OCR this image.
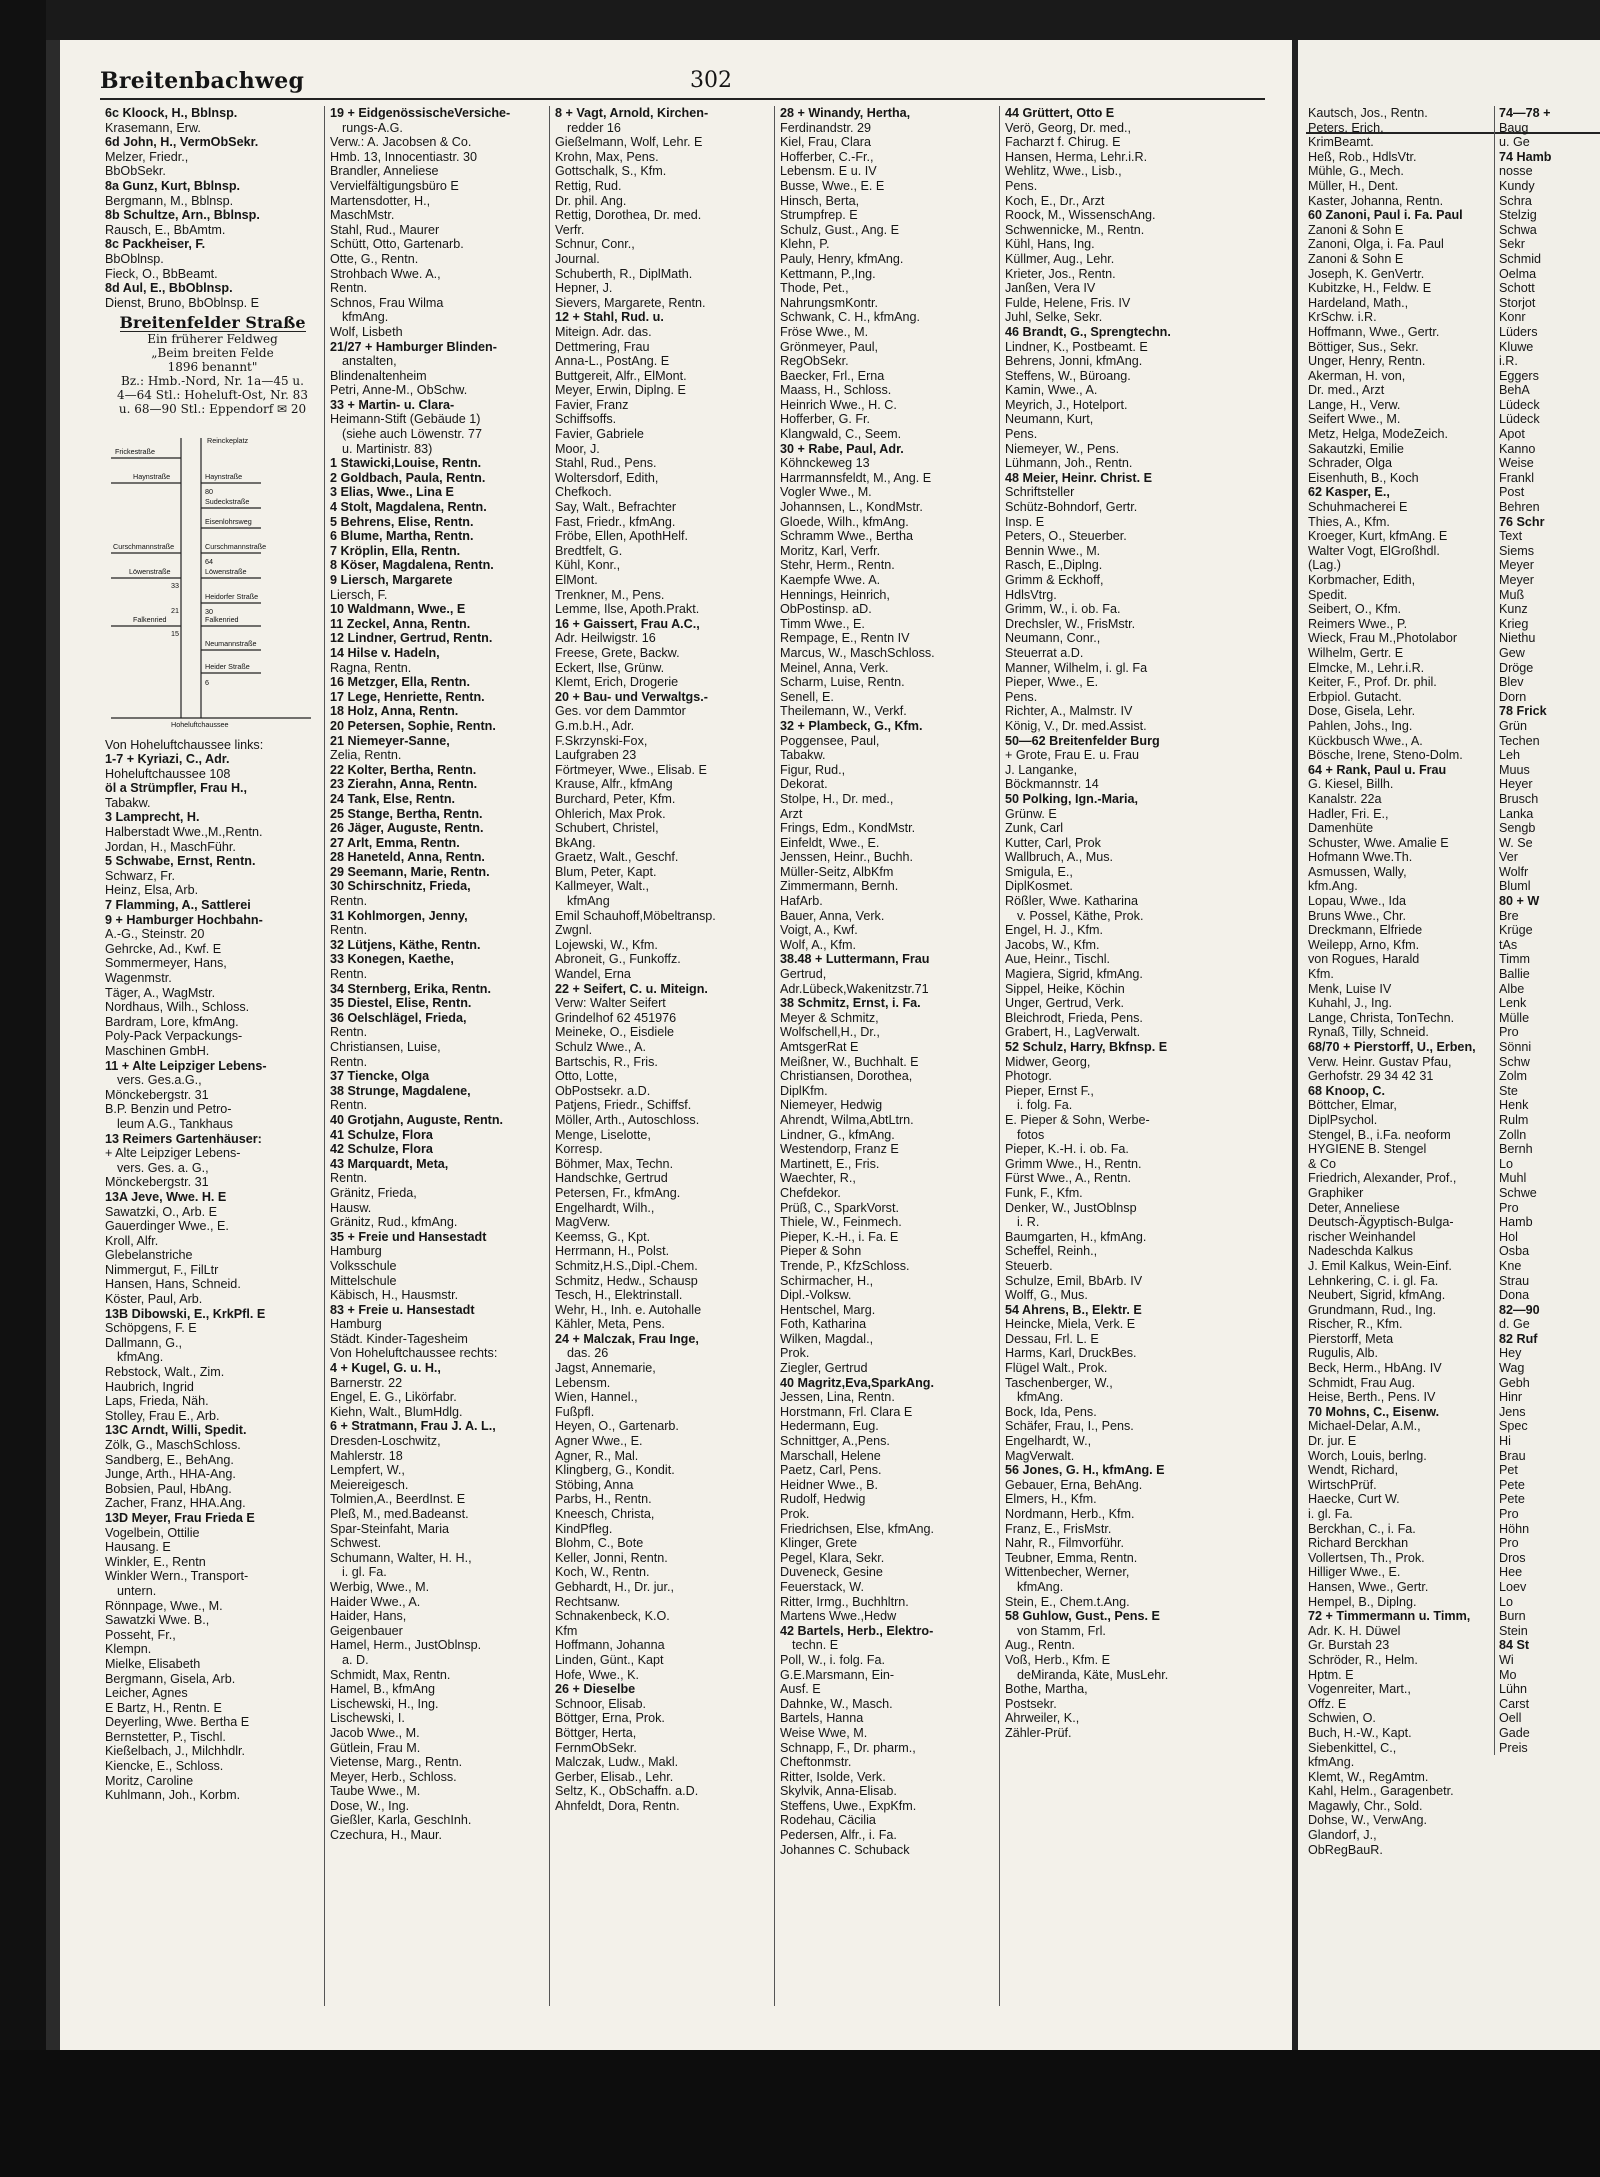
Breitenbachweg	302
6c Kloock, H., Bblnsp.
Krasemann, Erw.
6d John, H., VermObSekr.
Melzer, Friedr.,
BbObSekr.
8a Gunz, Kurt, Bblnsp.
Bergmann, M., Bblnsp.
8b Schultze, Arn., Bblnsp.
Rausch, E., BbAmtm.
8c Packheiser, F.
BbOblnsp.
Fieck, O., BbBeamt.
8d Aul, E., BbOblnsp.
Dienst, Bruno, BbOblnsp. E
Breitenfelder Straße
Ein früherer Feldweg
„Beim breiten Felde
1896 benannt"
Bz.: Hmb.-Nord, Nr. 1a—45 u.
4—64 Stl.: Hoheluft-Ost, Nr. 83
u. 68—90 Stl.: Eppendorf ✉ 20
Reinckeplatz
Frickestraße
Haynstraße	Haynstraße
Sudeckstraße
Eisenlohrsweg
Curschmannstraße	Curschmannstraße
Löwenstraße	Löwenstraße
Heidorfer Straße
Falkenried	Falkenried
Neumannstraße
Heider Straße
Hoheluftchaussee
80
64
33
21	30
15
6
Von Hoheluftchaussee links:
1-7 + Kyriazi, C., Adr.
Hoheluftchaussee 108
öl a Strümpfler, Frau H.,
Tabakw.
3 Lamprecht, H.
Halberstadt Wwe.,M.,Rentn.
Jordan, H., MaschFühr.
5 Schwabe, Ernst, Rentn.
Schwarz, Fr.
Heinz, Elsa, Arb.
7 Flamming, A., Sattlerei
9 + Hamburger Hochbahn-
A.-G., Steinstr. 20
Gehrcke, Ad., Kwf. E
Sommermeyer, Hans,
Wagenmstr.
Täger, A., WagMstr.
Nordhaus, Wilh., Schloss.
Bardram, Lore, kfmAng.
Poly-Pack Verpackungs-
Maschinen GmbH.
11 + Alte Leipziger Lebens-
vers. Ges.a.G.,
Mönckebergstr. 31
B.P. Benzin und Petro-
leum A.G., Tankhaus
13 Reimers Gartenhäuser:
+ Alte Leipziger Lebens-
vers. Ges. a. G.,
Mönckebergstr. 31
13A Jeve, Wwe. H. E
Sawatzki, O., Arb. E
Gauerdinger Wwe., E.
Kroll, Alfr.
Glebelanstriche
Nimmergut, F., FilLtr
Hansen, Hans, Schneid.
Köster, Paul, Arb.
13B Dibowski, E., KrkPfl. E
Schöpgens, F. E
Dallmann, G.,
kfmAng.
Rebstock, Walt., Zim.
Haubrich, Ingrid
Laps, Frieda, Näh.
Stolley, Frau E., Arb.
13C Arndt, Willi, Spedit.
Zölk, G., MaschSchloss.
Sandberg, E., BehAng.
Junge, Arth., HHA-Ang.
Bobsien, Paul, HbAng.
Zacher, Franz, HHA.Ang.
13D Meyer, Frau Frieda E
Vogelbein, Ottilie
Hausang. E
Winkler, E., Rentn
Winkler Wern., Transport-
untern.
Rönnpage, Wwe., M.
Sawatzki Wwe. B.,
Posseht, Fr.,
Klempn.
Mielke, Elisabeth
Bergmann, Gisela, Arb.
Leicher, Agnes
E Bartz, H., Rentn. E
Deyerling, Wwe. Bertha E
Bernstetter, P., Tischl.
Kießelbach, J., Milchhdlr.
Kiencke, E., Schloss.
Moritz, Caroline
Kuhlmann, Joh., Korbm.
19 + EidgenössischeVersiche-
rungs-A.G.
Verw.: A. Jacobsen & Co.
Hmb. 13, Innocentiastr. 30
Brandler, Anneliese
Vervielfältigungsbüro E
Martensdotter, H.,
MaschMstr.
Stahl, Rud., Maurer
Schütt, Otto, Gartenarb.
Otte, G., Rentn.
Strohbach Wwe. A.,
Rentn.
Schnos, Frau Wilma
kfmAng.
Wolf, Lisbeth
21/27 + Hamburger Blinden-
anstalten,
Blindenaltenheim
Petri, Anne-M., ObSchw.
33 + Martin- u. Clara-
Heimann-Stift (Gebäude 1)
(siehe auch Löwenstr. 77
u. Martinistr. 83)
1 Stawicki,Louise, Rentn.
2 Goldbach, Paula, Rentn.
3 Elias, Wwe., Lina E
4 Stolt, Magdalena, Rentn.
5 Behrens, Elise, Rentn.
6 Blume, Martha, Rentn.
7 Kröplin, Ella, Rentn.
8 Köser, Magdalena, Rentn.
9 Liersch, Margarete
Liersch, F.
10 Waldmann, Wwe., E
11 Zeckel, Anna, Rentn.
12 Lindner, Gertrud, Rentn.
14 Hilse v. Hadeln,
Ragna, Rentn.
16 Metzger, Ella, Rentn.
17 Lege, Henriette, Rentn.
18 Holz, Anna, Rentn.
20 Petersen, Sophie, Rentn.
21 Niemeyer-Sanne,
Zelia, Rentn.
22 Kolter, Bertha, Rentn.
23 Zierahn, Anna, Rentn.
24 Tank, Else, Rentn.
25 Stange, Bertha, Rentn.
26 Jäger, Auguste, Rentn.
27 Arlt, Emma, Rentn.
28 Haneteld, Anna, Rentn.
29 Seemann, Marie, Rentn.
30 Schirschnitz, Frieda,
Rentn.
31 Kohlmorgen, Jenny,
Rentn.
32 Lütjens, Käthe, Rentn.
33 Konegen, Kaethe,
Rentn.
34 Sternberg, Erika, Rentn.
35 Diestel, Elise, Rentn.
36 Oelschlägel, Frieda,
Rentn.
Christiansen, Luise,
Rentn.
37 Tiencke, Olga
38 Strunge, Magdalene,
Rentn.
40 Grotjahn, Auguste, Rentn.
41 Schulze, Flora
42 Schulze, Flora
43 Marquardt, Meta,
Rentn.
Gränitz, Frieda,
Hausw.
Gränitz, Rud., kfmAng.
35 + Freie und Hansestadt
Hamburg
Volksschule
Mittelschule
Käbisch, H., Hausmstr.
83 + Freie u. Hansestadt
Hamburg
Städt. Kinder-Tagesheim
Von Hoheluftchaussee rechts:
4 + Kugel, G. u. H.,
Barnerstr. 22
Engel, E. G., Likörfabr.
Kiehn, Walt., BlumHdlg.
6 + Stratmann, Frau J. A. L.,
Dresden-Loschwitz,
Mahlerstr. 18
Lempfert, W.,
Meiereigesch.
Tolmien,A., BeerdInst. E
Pleß, M., med.Badeanst.
Spar-Steinfaht, Maria
Schwest.
Schumann, Walter, H. H.,
i. gl. Fa.
Werbig, Wwe., M.
Haider Wwe., A.
Haider, Hans,
Geigenbauer
Hamel, Herm., JustOblnsp.
a. D.
Schmidt, Max, Rentn.
Hamel, B., kfmAng
Lischewski, H., Ing.
Lischewski, I.
Jacob Wwe., M.
Gütlein, Frau M.
Vietense, Marg., Rentn.
Meyer, Herb., Schloss.
Taube Wwe., M.
Dose, W., Ing.
Gießler, Karla, GeschInh.
Czechura, H., Maur.
8 + Vagt, Arnold, Kirchen-
redder 16
Gießelmann, Wolf, Lehr. E
Krohn, Max, Pens.
Gottschalk, S., Kfm.
Rettig, Rud.
Dr. phil. Ang.
Rettig, Dorothea, Dr. med.
Verfr.
Schnur, Conr.,
Journal.
Schuberth, R., DiplMath.
Hepner, J.
Sievers, Margarete, Rentn.
12 + Stahl, Rud. u.
Miteign. Adr. das.
Dettmering, Frau
Anna-L., PostAng. E
Buttgereit, Alfr., ElMont.
Meyer, Erwin, Diplng. E
Favier, Franz
Schiffsoffs.
Favier, Gabriele
Moor, J.
Stahl, Rud., Pens.
Woltersdorf, Edith,
Chefkoch.
Say, Walt., Befrachter
Fast, Friedr., kfmAng.
Fröbe, Ellen, ApothHelf.
Bredtfelt, G.
Kühl, Konr.,
ElMont.
Trenkner, M., Pens.
Lemme, Ilse, Apoth.Prakt.
16 + Gaissert, Frau A.C.,
Adr. Heilwigstr. 16
Freese, Grete, Backw.
Eckert, Ilse, Grünw.
Klemt, Erich, Drogerie
20 + Bau- und Verwaltgs.-
Ges. vor dem Dammtor
G.m.b.H., Adr.
F.Skrzynski-Fox,
Laufgraben 23
Förtmeyer, Wwe., Elisab. E
Krause, Alfr., kfmAng
Burchard, Peter, Kfm.
Ohlerich, Max Prok.
Schubert, Christel,
BkAng.
Graetz, Walt., Geschf.
Blum, Peter, Kapt.
Kallmeyer, Walt.,
kfmAng
Emil Schauhoff,Möbeltransp.
Zwgnl.
Lojewski, W., Kfm.
Abroneit, G., Funkoffz.
Wandel, Erna
22 + Seifert, C. u. Miteign.
Verw: Walter Seifert
Grindelhof 62 451976
Meineke, O., Eisdiele
Schulz Wwe., A.
Bartschis, R., Fris.
Otto, Lotte,
ObPostsekr. a.D.
Patjens, Friedr., Schiffsf.
Möller, Arth., Autoschloss.
Menge, Liselotte,
Korresp.
Böhmer, Max, Techn.
Handschke, Gertrud
Petersen, Fr., kfmAng.
Engelhardt, Wilh.,
MagVerw.
Keemss, G., Kpt.
Herrmann, H., Polst.
Schmitz,H.S.,Dipl.-Chem.
Schmitz, Hedw., Schausp
Tesch, H., Elektrinstall.
Wehr, H., Inh. e. Autohalle
Kähler, Meta, Pens.
24 + Malczak, Frau Inge,
das. 26
Jagst, Annemarie,
Lebensm.
Wien, Hannel.,
Fußpfl.
Heyen, O., Gartenarb.
Agner Wwe., E.
Agner, R., Mal.
Klingberg, G., Kondit.
Stöbing, Anna
Parbs, H., Rentn.
Kneesch, Christa,
KindPfleg.
Blohm, C., Bote
Keller, Jonni, Rentn.
Koch, W., Rentn.
Gebhardt, H., Dr. jur.,
Rechtsanw.
Schnakenbeck, K.O.
Kfm
Hoffmann, Johanna
Linden, Günt., Kapt
Hofe, Wwe., K.
26 + Dieselbe
Schnoor, Elisab.
Böttger, Erna, Prok.
Böttger, Herta,
FernmObSekr.
Malczak, Ludw., Makl.
Gerber, Elisab., Lehr.
Seltz, K., ObSchaffn. a.D.
Ahnfeldt, Dora, Rentn.
28 + Winandy, Hertha,
Ferdinandstr. 29
Kiel, Frau, Clara
Hofferber, C.-Fr.,
Lebensm. E u. IV
Busse, Wwe., E. E
Hinsch, Berta,
Strumpfrep. E
Schulz, Gust., Ang. E
Klehn, P.
Pauly, Henry, kfmAng.
Kettmann, P.,Ing.
Thode, Pet.,
NahrungsmKontr.
Schwank, C. H., kfmAng.
Fröse Wwe., M.
Grönmeyer, Paul,
RegObSekr.
Baecker, Frl., Erna
Maass, H., Schloss.
Heinrich Wwe., H. C.
Hofferber, G. Fr.
Klangwald, C., Seem.
30 + Rabe, Paul, Adr.
Köhnckeweg 13
Harrmannsfeldt, M., Ang. E
Vogler Wwe., M.
Johannsen, L., KondMstr.
Gloede, Wilh., kfmAng.
Schramm Wwe., Bertha
Moritz, Karl, Verfr.
Stehr, Herm., Rentn.
Kaempfe Wwe. A.
Hennings, Heinrich,
ObPostinsp. aD.
Timm Wwe., E.
Rempage, E., Rentn IV
Marcus, W., MaschSchloss.
Meinel, Anna, Verk.
Scharm, Luise, Rentn.
Senell, E.
Theilemann, W., Verkf.
32 + Plambeck, G., Kfm.
Poggensee, Paul,
Tabakw.
Figur, Rud.,
Dekorat.
Stolpe, H., Dr. med.,
Arzt
Frings, Edm., KondMstr.
Einfeldt, Wwe., E.
Jenssen, Heinr., Buchh.
Müller-Seitz, AlbKfm
Zimmermann, Bernh.
HafArb.
Bauer, Anna, Verk.
Voigt, A., Kwf.
Wolf, A., Kfm.
38.48 + Luttermann, Frau
Gertrud,
Adr.Lübeck,Wakenitzstr.71
38 Schmitz, Ernst, i. Fa.
Meyer & Schmitz,
Wolfschell,H., Dr.,
AmtsgerRat E
Meißner, W., Buchhalt. E
Christiansen, Dorothea,
DiplKfm.
Niemeyer, Hedwig
Ahrendt, Wilma,AbtLtrn.
Lindner, G., kfmAng.
Westendorp, Franz E
Martinett, E., Fris.
Waechter, R.,
Chefdekor.
Prüß, C., SparkVorst.
Thiele, W., Feinmech.
Pieper, K.-H., i. Fa. E
Pieper & Sohn
Trende, P., KfzSchloss.
Schirmacher, H.,
Dipl.-Volksw.
Hentschel, Marg.
Foth, Katharina
Wilken, Magdal.,
Prok.
Ziegler, Gertrud
40 Magritz,Eva,SparkAng.
Jessen, Lina, Rentn.
Horstmann, Frl. Clara E
Hedermann, Eug.
Schnittger, A.,Pens.
Marschall, Helene
Paetz, Carl, Pens.
Heidner Wwe., B.
Rudolf, Hedwig
Prok.
Friedrichsen, Else, kfmAng.
Klinger, Grete
Pegel, Klara, Sekr.
Duveneck, Gesine
Feuerstack, W.
Ritter, Irmg., Buchhltrn.
Martens Wwe.,Hedw
42 Bartels, Herb., Elektro-
techn. E
Poll, W., i. folg. Fa.
G.E.Marsmann, Ein-
Ausf. E
Dahnke, W., Masch.
Bartels, Hanna
Weise Wwe, M.
Schnapp, F., Dr. pharm.,
Cheftonmstr.
Ritter, Isolde, Verk.
Skylvik, Anna-Elisab.
Steffens, Uwe., ExpKfm.
Rodehau, Cäcilia
Pedersen, Alfr., i. Fa.
Johannes C. Schuback
44 Grüttert, Otto E
Verö, Georg, Dr. med.,
Facharzt f. Chirug. E
Hansen, Herma, Lehr.i.R.
Wehlitz, Wwe., Lisb.,
Pens.
Koch, E., Dr., Arzt
Roock, M., WissenschAng.
Schwennicke, M., Rentn.
Kühl, Hans, Ing.
Küllmer, Aug., Lehr.
Krieter, Jos., Rentn.
Janßen, Vera IV
Fulde, Helene, Fris. IV
Juhl, Selke, Sekr.
46 Brandt, G., Sprengtechn.
Lindner, K., Postbeamt. E
Behrens, Jonni, kfmAng.
Steffens, W., Büroang.
Kamin, Wwe., A.
Meyrich, J., Hotelport.
Neumann, Kurt,
Pens.
Niemeyer, W., Pens.
Lühmann, Joh., Rentn.
48 Meier, Heinr. Christ. E
Schriftsteller
Schütz-Bohndorf, Gertr.
Insp. E
Peters, O., Steuerber.
Bennin Wwe., M.
Rasch, E.,Diplng.
Grimm & Eckhoff,
HdlsVtrg.
Grimm, W., i. ob. Fa.
Drechsler, W., FrisMstr.
Neumann, Conr.,
Steuerrat a.D.
Manner, Wilhelm, i. gl. Fa
Pieper, Wwe., E.
Pens.
Richter, A., Malmstr. IV
König, V., Dr. med.Assist.
50—62 Breitenfelder Burg
+ Grote, Frau E. u. Frau
J. Langanke,
Böckmannstr. 14
50 Polking, Ign.-Maria,
Grünw. E
Zunk, Carl
Kutter, Carl, Prok
Wallbruch, A., Mus.
Smigula, E.,
DiplKosmet.
Rößler, Wwe. Katharina
v. Possel, Käthe, Prok.
Engel, H. J., Kfm.
Jacobs, W., Kfm.
Aue, Heinr., Tischl.
Magiera, Sigrid, kfmAng.
Sippel, Heike, Köchin
Unger, Gertrud, Verk.
Bleichrodt, Frieda, Pens.
Grabert, H., LagVerwalt.
52 Schulz, Harry, Bkfnsp. E
Midwer, Georg,
Photogr.
Pieper, Ernst F.,
i. folg. Fa.
E. Pieper & Sohn, Werbe-
fotos
Pieper, K.-H. i. ob. Fa.
Grimm Wwe., H., Rentn.
Fürst Wwe., A., Rentn.
Funk, F., Kfm.
Denker, W., JustOblnsp
i. R.
Baumgarten, H., kfmAng.
Scheffel, Reinh.,
Steuerb.
Schulze, Emil, BbArb. IV
Wolff, G., Mus.
54 Ahrens, B., Elektr. E
Heincke, Miela, Verk. E
Dessau, Frl. L. E
Harms, Karl, DruckBes.
Flügel Walt., Prok.
Taschenberger, W.,
kfmAng.
Bock, Ida, Pens.
Schäfer, Frau, I., Pens.
Engelhardt, W.,
MagVerwalt.
56 Jones, G. H., kfmAng. E
Gebauer, Erna, BehAng.
Elmers, H., Kfm.
Nordmann, Herb., Kfm.
Franz, E., FrisMstr.
Nahr, R., Filmvorführ.
Teubner, Emma, Rentn.
Wittenbecher, Werner,
kfmAng.
Stein, E., Chem.t.Ang.
58 Guhlow, Gust., Pens. E
von Stamm, Frl.
Aug., Rentn.
Voß, Herb., Kfm. E
deMiranda, Käte, MusLehr.
Bothe, Martha,
Postsekr.
Ahrweiler, K.,
Zähler-Prüf.
Kautsch, Jos., Rentn.
Peters, Erich,
KrimBeamt.
Heß, Rob., HdlsVtr.
Mühle, G., Mech.
Müller, H., Dent.
Kaster, Johanna, Rentn.
60 Zanoni, Paul i. Fa. Paul
Zanoni & Sohn E
Zanoni, Olga, i. Fa. Paul
Zanoni & Sohn E
Joseph, K. GenVertr.
Kubitzke, H., Feldw. E
Hardeland, Math.,
KrSchw. i.R.
Hoffmann, Wwe., Gertr.
Böttiger, Sus., Sekr.
Unger, Henry, Rentn.
Akerman, H. von,
Dr. med., Arzt
Lange, H., Verw.
Seifert Wwe., M.
Metz, Helga, ModeZeich.
Sakautzki, Emilie
Schrader, Olga
Eisenhuth, B., Koch
62 Kasper, E.,
Schuhmacherei E
Thies, A., Kfm.
Kroeger, Kurt, kfmAng. E
Walter Vogt, ElGroßhdl.
(Lag.)
Korbmacher, Edith,
Spedit.
Seibert, O., Kfm.
Reimers Wwe., P.
Wieck, Frau M.,Photolabor
Wilhelm, Gertr. E
Elmcke, M., Lehr.i.R.
Keiter, F., Prof. Dr. phil.
Erbpiol. Gutacht.
Dose, Gisela, Lehr.
Pahlen, Johs., Ing.
Kückbusch Wwe., A.
Bösche, Irene, Steno-Dolm.
64 + Rank, Paul u. Frau
G. Kiesel, Billh.
Kanalstr. 22a
Hadler, Fri. E.,
Damenhüte
Schuster, Wwe. Amalie E
Hofmann Wwe.Th.
Asmussen, Wally,
kfm.Ang.
Lopau, Wwe., Ida
Bruns Wwe., Chr.
Dreckmann, Elfriede
Weilepp, Arno, Kfm.
von Rogues, Harald
Kfm.
Menk, Luise IV
Kuhahl, J., Ing.
Lange, Christa, TonTechn.
Rynaß, Tilly, Schneid.
68/70 + Pierstorff, U., Erben,
Verw. Heinr. Gustav Pfau,
Gerhofstr. 29 34 42 31
68 Knoop, C.
Böttcher, Elmar,
DiplPsychol.
Stengel, B., i.Fa. neoform
HYGIENE B. Stengel
& Co
Friedrich, Alexander, Prof.,
Graphiker
Deter, Anneliese
Deutsch-Ägyptisch-Bulga-
rischer Weinhandel
Nadeschda Kalkus
J. Emil Kalkus, Wein-Einf.
Lehnkering, C. i. gl. Fa.
Neubert, Sigrid, kfmAng.
Grundmann, Rud., Ing.
Rischer, R., Kfm.
Pierstorff, Meta
Rugulis, Alb.
Beck, Herm., HbAng. IV
Schmidt, Frau Aug.
Heise, Berth., Pens. IV
70 Mohns, C., Eisenw.
Michael-Delar, A.M.,
Dr. jur. E
Worch, Louis, berlng.
Wendt, Richard,
WirtschPrüf.
Haecke, Curt W.
i. gl. Fa.
Berckhan, C., i. Fa.
Richard Berckhan
Vollertsen, Th., Prok.
Hilliger Wwe., E.
Hansen, Wwe., Gertr.
Hempel, B., Diplng.
72 + Timmermann u. Timm,
Adr. K. H. Düwel
Gr. Burstah 23
Schröder, R., Helm.
Hptm. E
Vogenreiter, Mart.,
Offz. E
Schwien, O.
Buch, H.-W., Kapt.
Siebenkittel, C.,
kfmAng.
Klemt, W., RegAmtm.
Kahl, Helm., Garagenbetr.
Magawly, Chr., Sold.
Dohse, W., VerwAng.
Glandorf, J.,
ObRegBauR.
74—78 +
Baug
u. Ge
74 Hamb
nosse
Kundy
Schra
Stelzig
Schwa
Sekr
Schmid
Oelma
Schott
Storjot
Konr
Lüders
Kluwe
i.R.
Eggers
BehA
Lüdeck
Lüdeck
Apot
Kanno
Weise
Frankl
Post
Behren
76 Schr
Text
Siems
Meyer
Meyer
Muß
Kunz
Krieg
Niethu
Gew
Dröge
Blev
Dorn
78 Frick
Grün
Techen
Leh
Muus
Heyer
Brusch
Lanka
Sengb
W. Se
Ver
Wolfr
Bluml
80 + W
Bre
Krüge
tAs
Timm
Ballie
Albe
Lenk
Mülle
Pro
Sönni
Schw
Zolm
Ste
Henk
Rulm
Zolln
Bernh
Lo
Muhl
Schwe
Pro
Hamb
Hol
Osba
Kne
Strau
Dona
82—90
d. Ge
82 Ruf
Hey
Wag
Gebh
Hinr
Jens
Spec
Hi
Brau
Pet
Pete
Pete
Pro
Höhn
Pro
Dros
Hee
Loev
Lo
Burn
Stein
84 St
Wi
Mo
Lühn
Carst
Oell
Gade
Preis
